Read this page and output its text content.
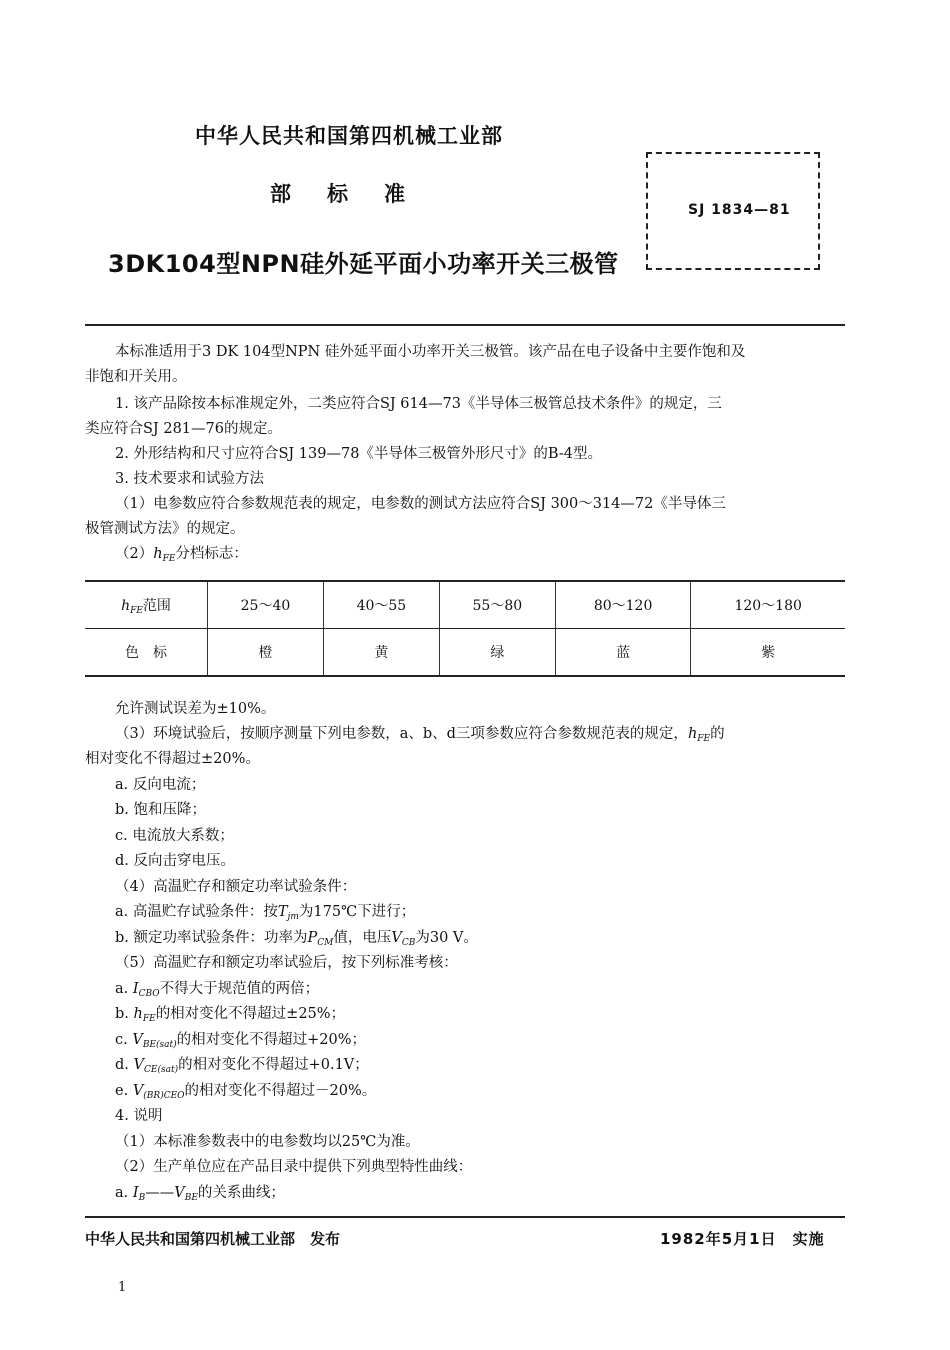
中华人民共和国第四机械工业部
部标准
3DK104型NPN硅外延平面小功率开关三极管
SJ 1834—81

本标准适用于3 DK 104型NPN 硅外延平面小功率开关三极管。该产品在电子设备中主要作饱和及

非饱和开关用。

1. 该产品除按本标准规定外，二类应符合SJ 614—73《半导体三极管总技术条件》的规定，三

类应符合SJ 281—76的规定。

2. 外形结构和尺寸应符合SJ 139—78《半导体三极管外形尺寸》的B-4型。

3. 技术要求和试验方法

（1）电参数应符合参数规范表的规定，电参数的测试方法应符合SJ 300～314—72《半导体三

极管测试方法》的规定。

$(2)h_{FE}$分档标志：

$h_{FE}$范围	25～40	40～55	55～80	80～120	120～180
色　标	橙	黄	绿	蓝	紫

允许测试误差为±10%。

（3）环境试验后，按顺序测量下列电参数，a、b、d三项参数应符合参数规范表的规定，$h_{FE}$的

相对变化不得超过±20%。

a. 反向电流；

b. 饱和压降；

c. 电流放大系数；

d. 反向击穿电压。

（4）高温贮存和额定功率试验条件：

a. 高温贮存试验条件：按$T_{jm}$为175℃下进行；

b. 额定功率试验条件：功率为$P_{CM}$值，电压$V_{CB}$为30 V。

（5）高温贮存和额定功率试验后，按下列标准考核：

a. $I_{CBO}$不得大于规范值的两倍；

b. $h_{FE}$的相对变化不得超过±25%；

c. $V_{BE(sat)}$的相对变化不得超过+20%；

d. $V_{CE(sat)}$的相对变化不得超过+0.1V；

e. $V_{(BR)CEO}$的相对变化不得超过－20%。

4. 说明

（1）本标准参数表中的电参数均以25℃为准。

（2）生产单位应在产品目录中提供下列典型特性曲线：

a. $I_B——V_{BE}$的关系曲线；

中华人民共和国第四机械工业部　发布	1982年5月1日　实施
1
